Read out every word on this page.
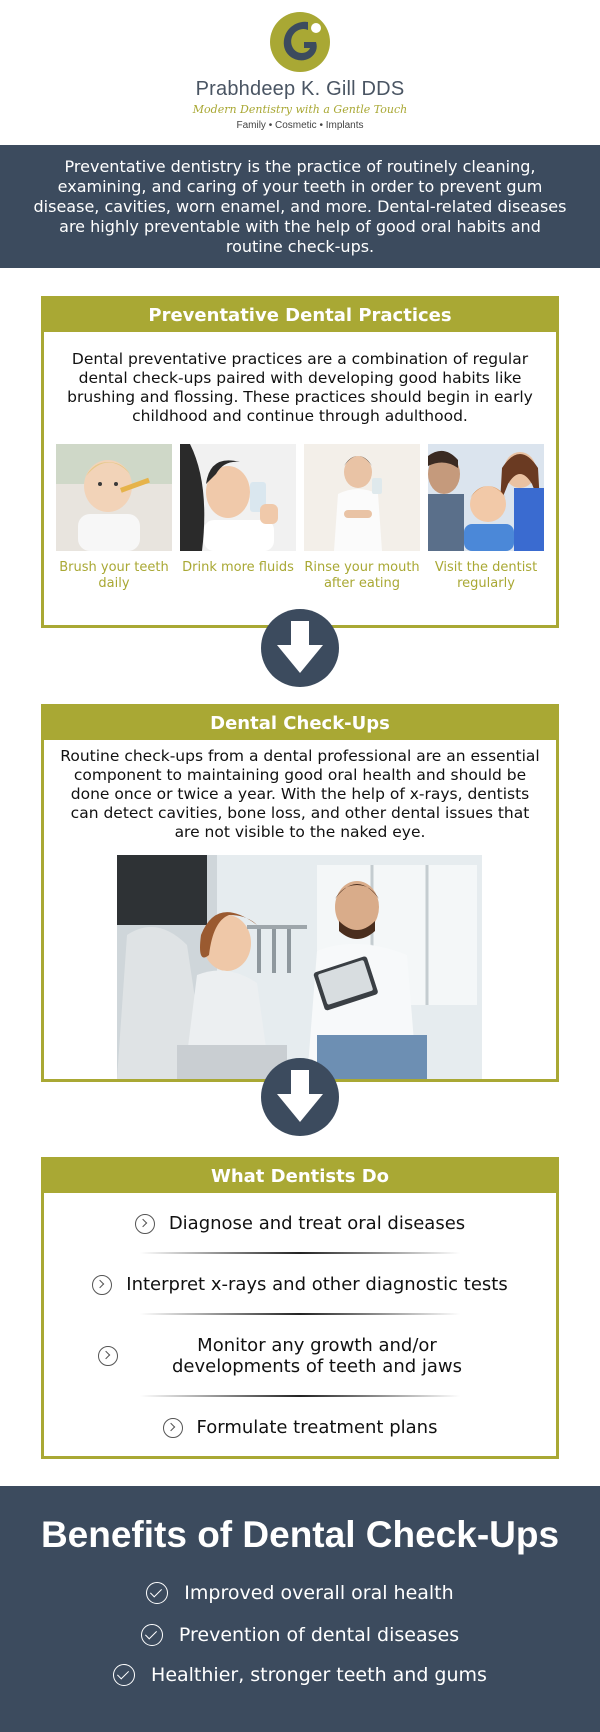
Prabhdeep K. Gill DDS
Modern Dentistry with a Gentle Touch
Family • Cosmetic • Implants

Preventative dentistry is the practice of routinely cleaning, examining, and caring of your teeth in order to prevent gum disease, cavities, worn enamel, and more. Dental-related diseases are highly preventable with the help of good oral habits and routine check-ups.

Preventative Dental Practices

Dental preventative practices are a combination of regular dental check-ups paired with developing good habits like brushing and flossing. These practices should begin in early childhood and continue through adulthood.

Brush your teeth daily
Drink more fluids Rinse your mouth after eating
Visit the dentist regularly
Dental Check-Ups

Routine check-ups from a dental professional are an essential component to maintaining good oral health and should be done once or twice a year. With the help of x-rays, dentists can detect cavities, bone loss, and other dental issues that are not visible to the naked eye.

What Dentists Do
Diagnose and treat oral diseases
Interpret x-rays and other diagnostic tests
Monitor any growth and/or developments of teeth and jaws
Formulate treatment plans
Benefits of Dental Check-Ups
Improved overall oral health
Prevention of dental diseases
Healthier, stronger teeth and gums
